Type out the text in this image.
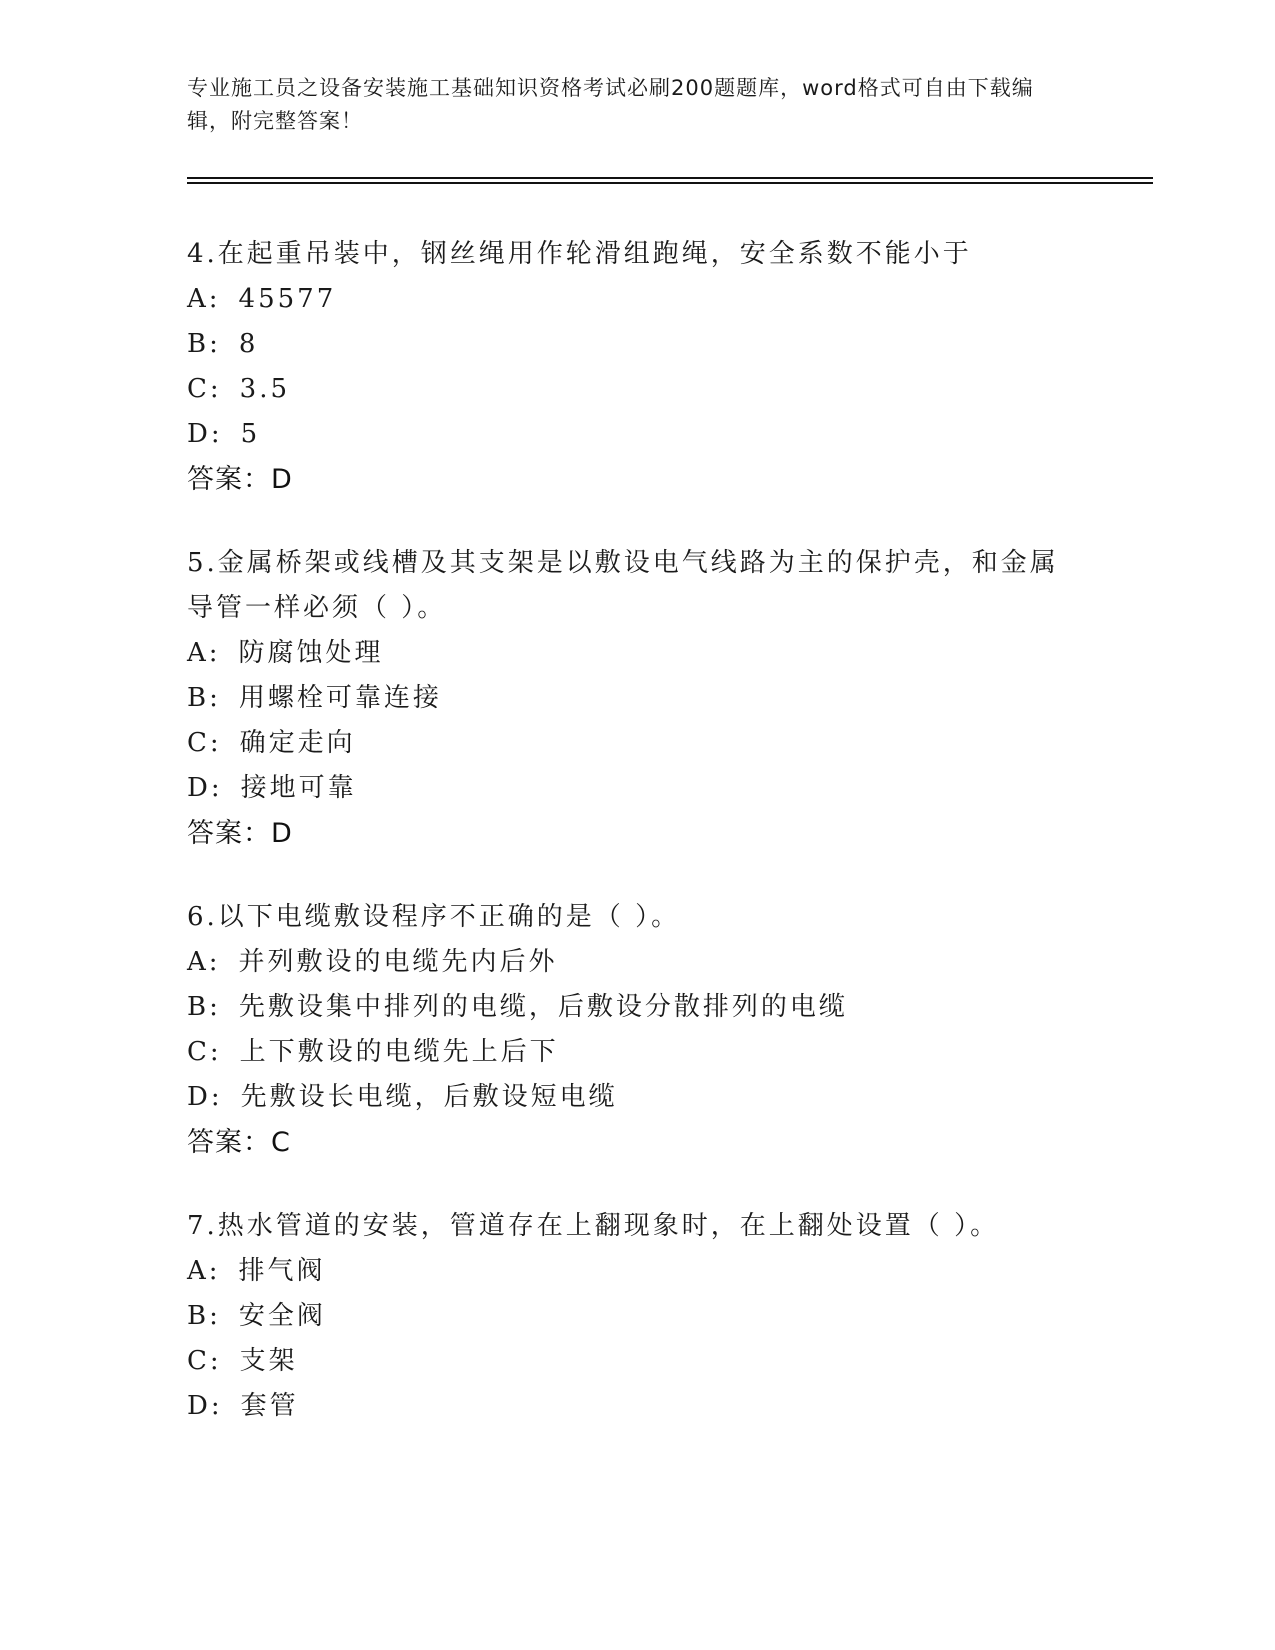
专业施工员之设备安装施工基础知识资格考试必刷200题题库，word格式可自由下载编辑，附完整答案！

4.在起重吊装中，钢丝绳用作轮滑组跑绳，安全系数不能小于

A: 45577
B: 8
C: 3.5
D: 5
答案： D

5.金属桥架或线槽及其支架是以敷设电气线路为主的保护壳，和金属导管一样必须（ ）。

A: 防腐蚀处理
B: 用螺栓可靠连接
C: 确定走向
D: 接地可靠
答案： D

6.以下电缆敷设程序不正确的是（ ）。

A: 并列敷设的电缆先内后外
B: 先敷设集中排列的电缆，后敷设分散排列的电缆
C: 上下敷设的电缆先上后下
D: 先敷设长电缆，后敷设短电缆
答案： C

7.热水管道的安装，管道存在上翻现象时，在上翻处设置（ ）。

A: 排气阀
B: 安全阀
C: 支架
D: 套管
